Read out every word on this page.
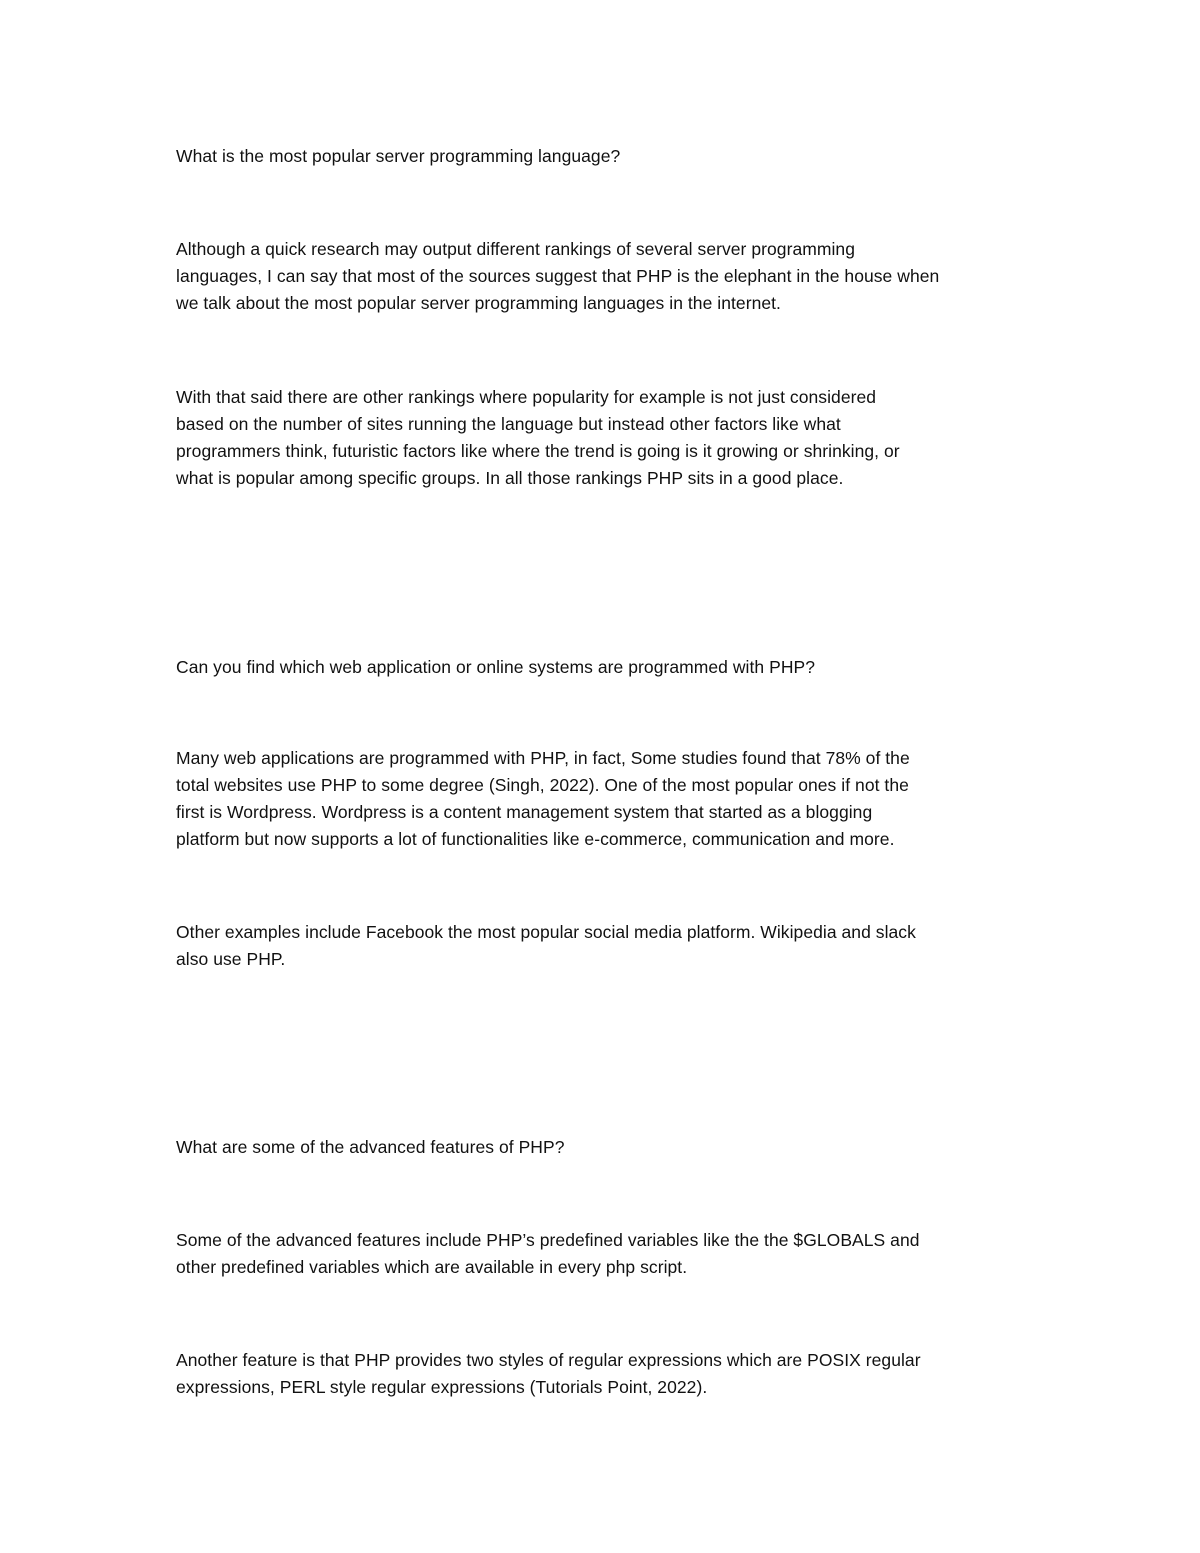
What is the most popular server programming language?

Although a quick research may output different rankings of several server programming
languages, I can say that most of the sources suggest that PHP is the elephant in the house when
we talk about the most popular server programming languages in the internet.

With that said there are other rankings where popularity for example is not just considered
based on the number of sites running the language but instead other factors like what
programmers think, futuristic factors like where the trend is going is it growing or shrinking, or
what is popular among specific groups. In all those rankings PHP sits in a good place.

Can you find which web application or online systems are programmed with PHP?

Many web applications are programmed with PHP, in fact, Some studies found that 78% of the
total websites use PHP to some degree (Singh, 2022). One of the most popular ones if not the
first is Wordpress. Wordpress is a content management system that started as a blogging
platform but now supports a lot of functionalities like e-commerce, communication and more.

Other examples include Facebook the most popular social media platform. Wikipedia and slack
also use PHP.

What are some of the advanced features of PHP?

Some of the advanced features include PHP’s predefined variables like the the $GLOBALS and
other predefined variables which are available in every php script.

Another feature is that PHP provides two styles of regular expressions which are POSIX regular
expressions, PERL style regular expressions (Tutorials Point, 2022).
